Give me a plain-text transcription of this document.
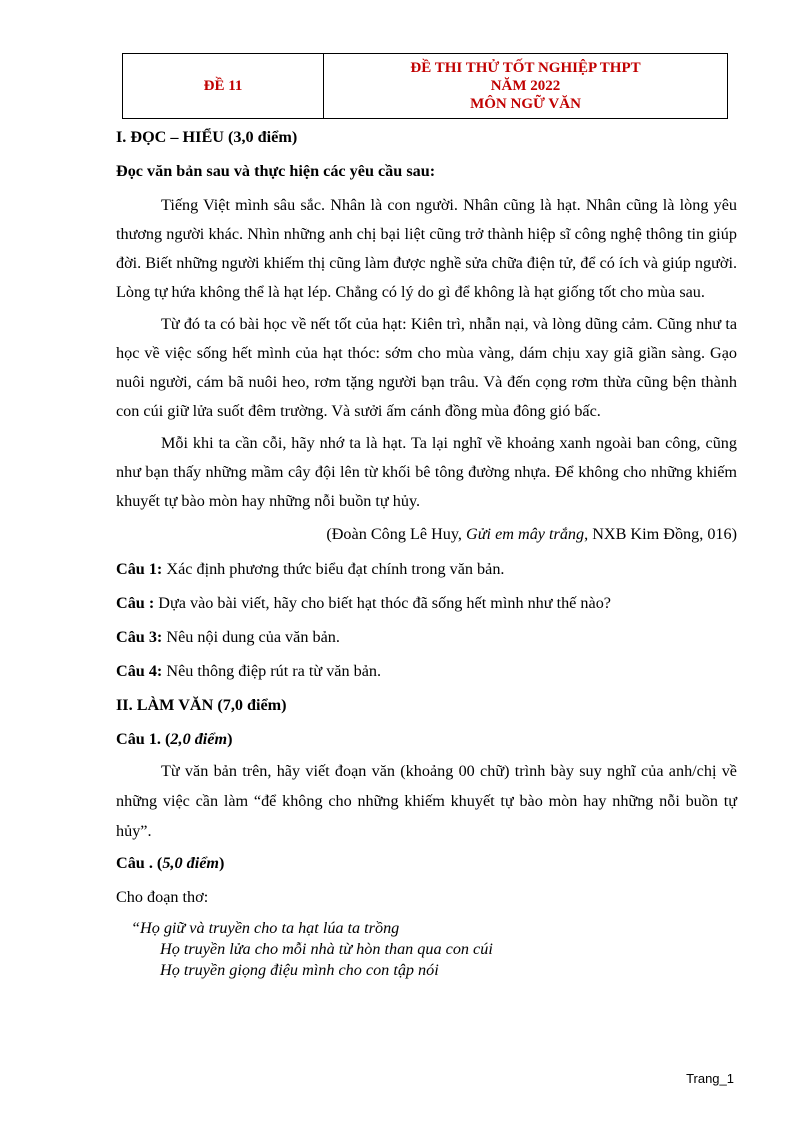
ĐỀ 11
ĐỀ THI THỬ TỐT NGHIỆP THPT
NĂM 2022
MÔN NGỮ VĂN

I. ĐỌC – HIỂU (3,0 điểm)

Đọc văn bản sau và thực hiện các yêu cầu sau:

Tiếng Việt mình sâu sắc. Nhân là con người. Nhân cũng là hạt. Nhân cũng là lòng yêu thương người khác. Nhìn những anh chị bại liệt cũng trở thành hiệp sĩ công nghệ thông tin giúp đời. Biết những người khiếm thị cũng làm được nghề sửa chữa điện tử, để có ích và giúp người. Lòng tự hứa không thể là hạt lép. Chẳng có lý do gì để không là hạt giống tốt cho mùa sau.

Từ đó ta có bài học về nết tốt của hạt: Kiên trì, nhẫn nại, và lòng dũng cảm. Cũng như ta học về việc sống hết mình của hạt thóc: sớm cho mùa vàng, dám chịu xay giã giần sàng. Gạo nuôi người, cám bã nuôi heo, rơm tặng người bạn trâu. Và đến cọng rơm thừa cũng bện thành con cúi giữ lửa suốt đêm trường. Và sưởi ấm cánh đồng mùa đông gió bấc.

Mỗi khi ta cần cỗi, hãy nhớ ta là hạt. Ta lại nghĩ về khoảng xanh ngoài ban công, cũng như bạn thấy những mầm cây đội lên từ khối bê tông đường nhựa. Để không cho những khiếm khuyết tự bào mòn hay những nỗi buồn tự hủy.

(Đoàn Công Lê Huy, Gửi em mây trắng, NXB Kim Đồng, 016)

Câu 1: Xác định phương thức biểu đạt chính trong văn bản.

Câu : Dựa vào bài viết, hãy cho biết hạt thóc đã sống hết mình như thế nào?

Câu 3: Nêu nội dung của văn bản.

Câu 4: Nêu thông điệp rút ra từ văn bản.

II. LÀM VĂN (7,0 điểm)

Câu 1. (2,0 điểm)

Từ văn bản trên, hãy viết đoạn văn (khoảng 00 chữ) trình bày suy nghĩ của anh/chị về những việc cần làm “để không cho những khiếm khuyết tự bào mòn hay những nỗi buồn tự hủy”.

Câu . (5,0 điểm)

Cho đoạn thơ:

“Họ giữ và truyền cho ta hạt lúa ta trồng
Họ truyền lửa cho mỗi nhà từ hòn than qua con cúi
Họ truyền giọng điệu mình cho con tập nói
Trang_1
